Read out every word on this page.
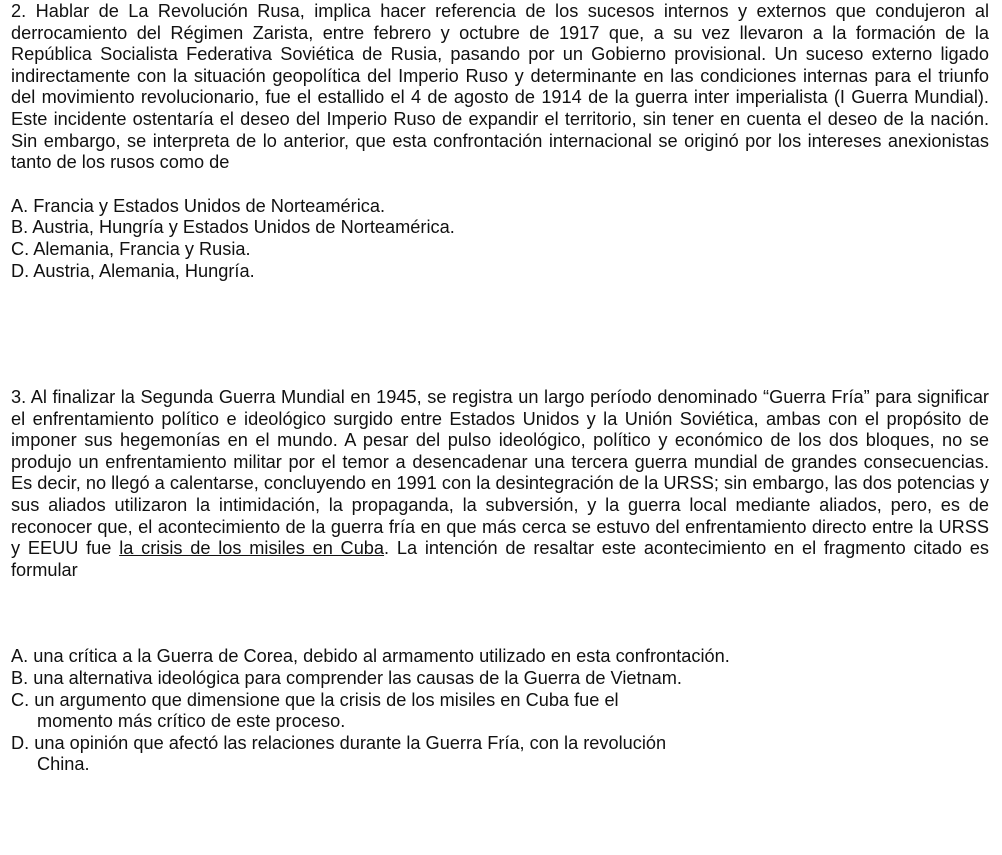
2. Hablar de La Revolución Rusa, implica hacer referencia de los sucesos internos y externos que condujeron al derrocamiento del Régimen Zarista, entre febrero y octubre de 1917 que, a su vez llevaron a la formación de la República Socialista Federativa Soviética de Rusia, pasando por un Gobierno provisional. Un suceso externo ligado indirectamente con la situación geopolítica del Imperio Ruso y determinante en las condiciones internas para el triunfo del movimiento revolucionario, fue el estallido el 4 de agosto de 1914 de la guerra inter imperialista (I Guerra Mundial). Este incidente ostentaría el deseo del Imperio Ruso de expandir el territorio, sin tener en cuenta el deseo de la nación. Sin embargo, se interpreta de lo anterior, que esta confrontación internacional se originó por los intereses anexionistas tanto de los rusos como de

A. Francia y Estados Unidos de Norteamérica.
B. Austria, Hungría y Estados Unidos de Norteamérica.
C. Alemania, Francia y Rusia.
D. Austria, Alemania, Hungría.

3. Al finalizar la Segunda Guerra Mundial en 1945, se registra un largo período denominado “Guerra Fría” para significar el enfrentamiento político e ideológico surgido entre Estados Unidos y la Unión Soviética, ambas con el propósito de imponer sus hegemonías en el mundo. A pesar del pulso ideológico, político y económico de los dos bloques, no se produjo un enfrentamiento militar por el temor a desencadenar una tercera guerra mundial de grandes consecuencias. Es decir, no llegó a calentarse, concluyendo en 1991 con la desintegración de la URSS; sin embargo, las dos potencias y sus aliados utilizaron la intimidación, la propaganda, la subversión, y la guerra local mediante aliados, pero, es de reconocer que, el acontecimiento de la guerra fría en que más cerca se estuvo del enfrentamiento directo entre la URSS y EEUU fue la crisis de los misiles en Cuba. La intención de resaltar este acontecimiento en el fragmento citado es formular

A. una crítica a la Guerra de Corea, debido al armamento utilizado en esta confrontación.
B. una alternativa ideológica para comprender las causas de la Guerra de Vietnam.
C. un argumento que dimensione que la crisis de los misiles en Cuba fue el
momento más crítico de este proceso.
D. una opinión que afectó las relaciones durante la Guerra Fría, con la revolución
China.
